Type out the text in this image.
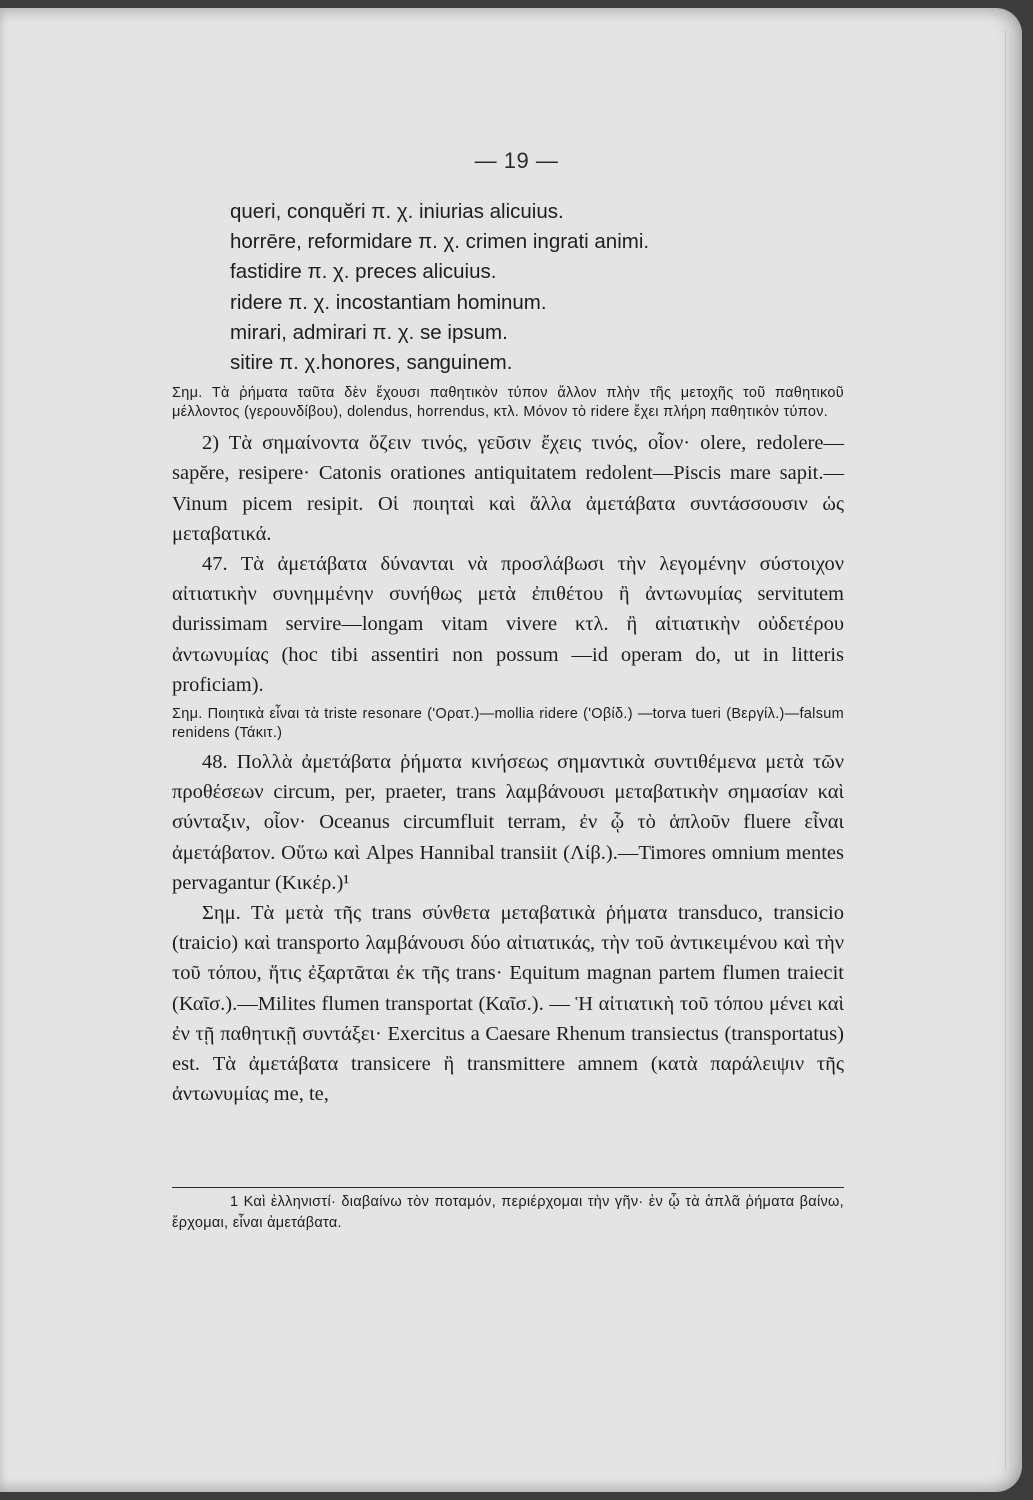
— 19 —
queri, conquĕri π. χ. iniurias alicuius.
horrēre, reformidare π. χ. crimen ingrati animi.
fastidire π. χ. preces alicuius.
ridere π. χ. incostantiam hominum.
mirari, admirari π. χ. se ipsum.
sitire π. χ.honores, sanguinem.

Σημ. Τὰ ῥήματα ταῦτα δὲν ἔχουσι παθητικὸν τύπον ἄλλον πλὴν τῆς μετοχῆς τοῦ παθητικοῦ μέλλοντος (γερουνδίβου), dolendus, horrendus, κτλ. Μόνον τὸ ridere ἔχει πλήρη παθητικὸν τύπον.

2) Τὰ σημαίνοντα ὄζειν τινός, γεῦσιν ἔχεις τινός, οἷον· olere, redolere—sapĕre, resipere· Catonis orationes antiquitatem redolent—Piscis mare sapit.—Vinum picem resipit. Οἱ ποιηταὶ καὶ ἄλλα ἀμετάβατα συντάσσουσιν ὡς μεταβατικά.

47. Τὰ ἀμετάβατα δύνανται νὰ προσλάβωσι τὴν λεγομένην σύστοιχον αἰτιατικὴν συνημμένην συνήθως μετὰ ἐπιθέτου ἢ ἀντωνυμίας servitutem durissimam servire—longam vitam vivere κτλ. ἢ αἰτιατικὴν οὐδετέρου ἀντωνυμίας (hoc tibi assentiri non possum —id operam do, ut in litteris proficiam).

Σημ. Ποιητικὰ εἶναι τὰ triste resonare ('Ορατ.)—mollia ridere ('Οβίδ.) —torva tueri (Βεργίλ.)—falsum renidens (Τάκιτ.)

48. Πολλὰ ἀμετάβατα ῥήματα κινήσεως σημαντικὰ συντιθέμενα μετὰ τῶν προθέσεων circum, per, praeter, trans λαμβάνουσι μεταβατικὴν σημασίαν καὶ σύνταξιν, οἷον· Oceanus circumfluit terram, ἐν ᾧ τὸ ἁπλοῦν fluere εἶναι ἀμετάβατον. Οὕτω καὶ Alpes Hannibal transiit (Λίβ.).—Timores omnium mentes pervagantur (Κικέρ.)¹

Σημ. Τὰ μετὰ τῆς trans σύνθετα μεταβατικὰ ῥήματα transduco, transicio (traicio) καὶ transporto λαμβάνουσι δύο αἰτιατικάς, τὴν τοῦ ἀντικειμένου καὶ τὴν τοῦ τόπου, ἥτις ἐξαρτᾶται ἐκ τῆς trans· Equitum magnan partem flumen traiecit (Καῖσ.).—Milites flumen transportat (Καῖσ.). — Ἡ αἰτιατικὴ τοῦ τόπου μένει καὶ ἐν τῇ παθητικῇ συντάξει· Exercitus a Caesare Rhenum transiectus (transportatus) est. Τὰ ἀμετάβατα transicere ἢ transmittere amnem (κατὰ παράλειψιν τῆς ἀντωνυμίας me, te,

1 Καὶ ἑλληνιστί· διαβαίνω τὸν ποταμόν, περιέρχομαι τὴν γῆν· ἐν ᾧ τὰ ἁπλᾶ ῥήματα βαίνω, ἔρχομαι, εἶναι ἀμετάβατα.
